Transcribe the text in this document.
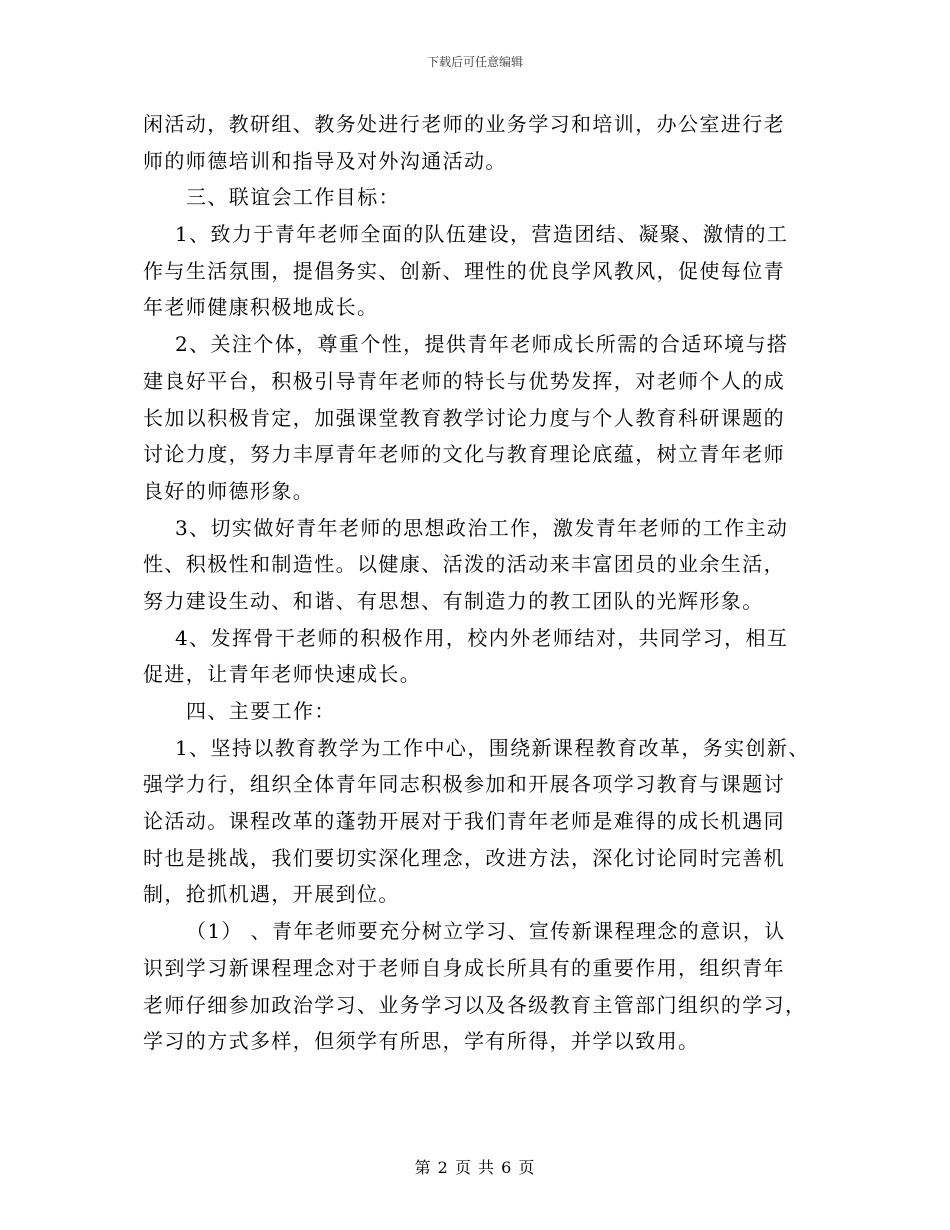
下载后可任意编辑
闲活动，教研组、教务处进行老师的业务学习和培训，办公室进行老
师的师德培训和指导及对外沟通活动。
三、联谊会工作目标：
1、致力于青年老师全面的队伍建设，营造团结、凝聚、激情的工
作与生活氛围，提倡务实、创新、理性的优良学风教风，促使每位青
年老师健康积极地成长。
2、关注个体，尊重个性，提供青年老师成长所需的合适环境与搭
建良好平台，积极引导青年老师的特长与优势发挥，对老师个人的成
长加以积极肯定，加强课堂教育教学讨论力度与个人教育科研课题的
讨论力度，努力丰厚青年老师的文化与教育理论底蕴，树立青年老师
良好的师德形象。
3、切实做好青年老师的思想政治工作，激发青年老师的工作主动
性、积极性和制造性。以健康、活泼的活动来丰富团员的业余生活，
努力建设生动、和谐、有思想、有制造力的教工团队的光辉形象。
4、发挥骨干老师的积极作用，校内外老师结对，共同学习，相互
促进，让青年老师快速成长。
四、主要工作：
1、坚持以教育教学为工作中心，围绕新课程教育改革，务实创新、
强学力行，组织全体青年同志积极参加和开展各项学习教育与课题讨
论活动。课程改革的蓬勃开展对于我们青年老师是难得的成长机遇同
时也是挑战，我们要切实深化理念，改进方法，深化讨论同时完善机
制，抢抓机遇，开展到位。
（1） 、青年老师要充分树立学习、宣传新课程理念的意识，认
识到学习新课程理念对于老师自身成长所具有的重要作用，组织青年
老师仔细参加政治学习、业务学习以及各级教育主管部门组织的学习，
学习的方式多样，但须学有所思，学有所得，并学以致用。
第 2 页 共 6 页
